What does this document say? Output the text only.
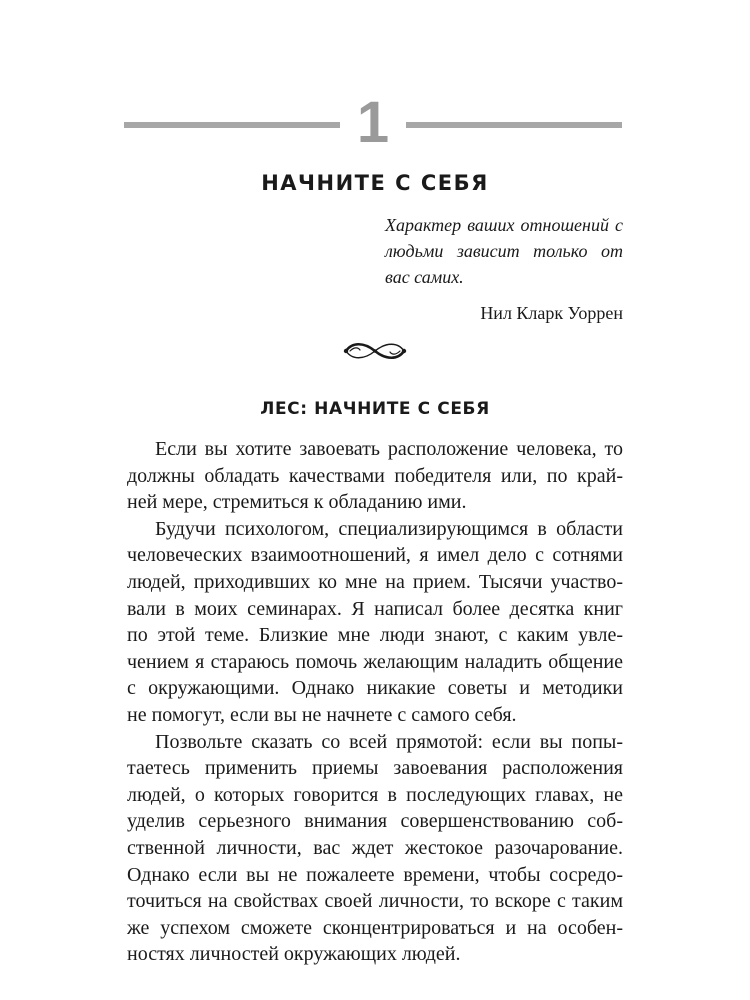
1
НАЧНИТЕ С СЕБЯ

Характер ваших отношений с людьми зависит только от вас самих.

Нил Кларк Уоррен

ЛЕС: НАЧНИТЕ С СЕБЯ
Если вы хотите завоевать расположение человека, то
должны обладать качествами победителя или, по край-
ней мере, стремиться к обладанию ими.
Будучи психологом, специализирующимся в области
человеческих взаимоотношений, я имел дело с сотнями
людей, приходивших ко мне на прием. Тысячи участво-
вали в моих семинарах. Я написал более десятка книг
по этой теме. Близкие мне люди знают, с каким увле-
чением я стараюсь помочь желающим наладить общение
с окружающими. Однако никакие советы и методики
не помогут, если вы не начнете с самого себя.
Позвольте сказать со всей прямотой: если вы попы-
таетесь применить приемы завоевания расположения
людей, о которых говорится в последующих главах, не
уделив серьезного внимания совершенствованию соб-
ственной личности, вас ждет жестокое разочарование.
Однако если вы не пожалеете времени, чтобы сосредо-
точиться на свойствах своей личности, то вскоре с таким
же успехом сможете сконцентрироваться и на особен-
ностях личностей окружающих людей.
